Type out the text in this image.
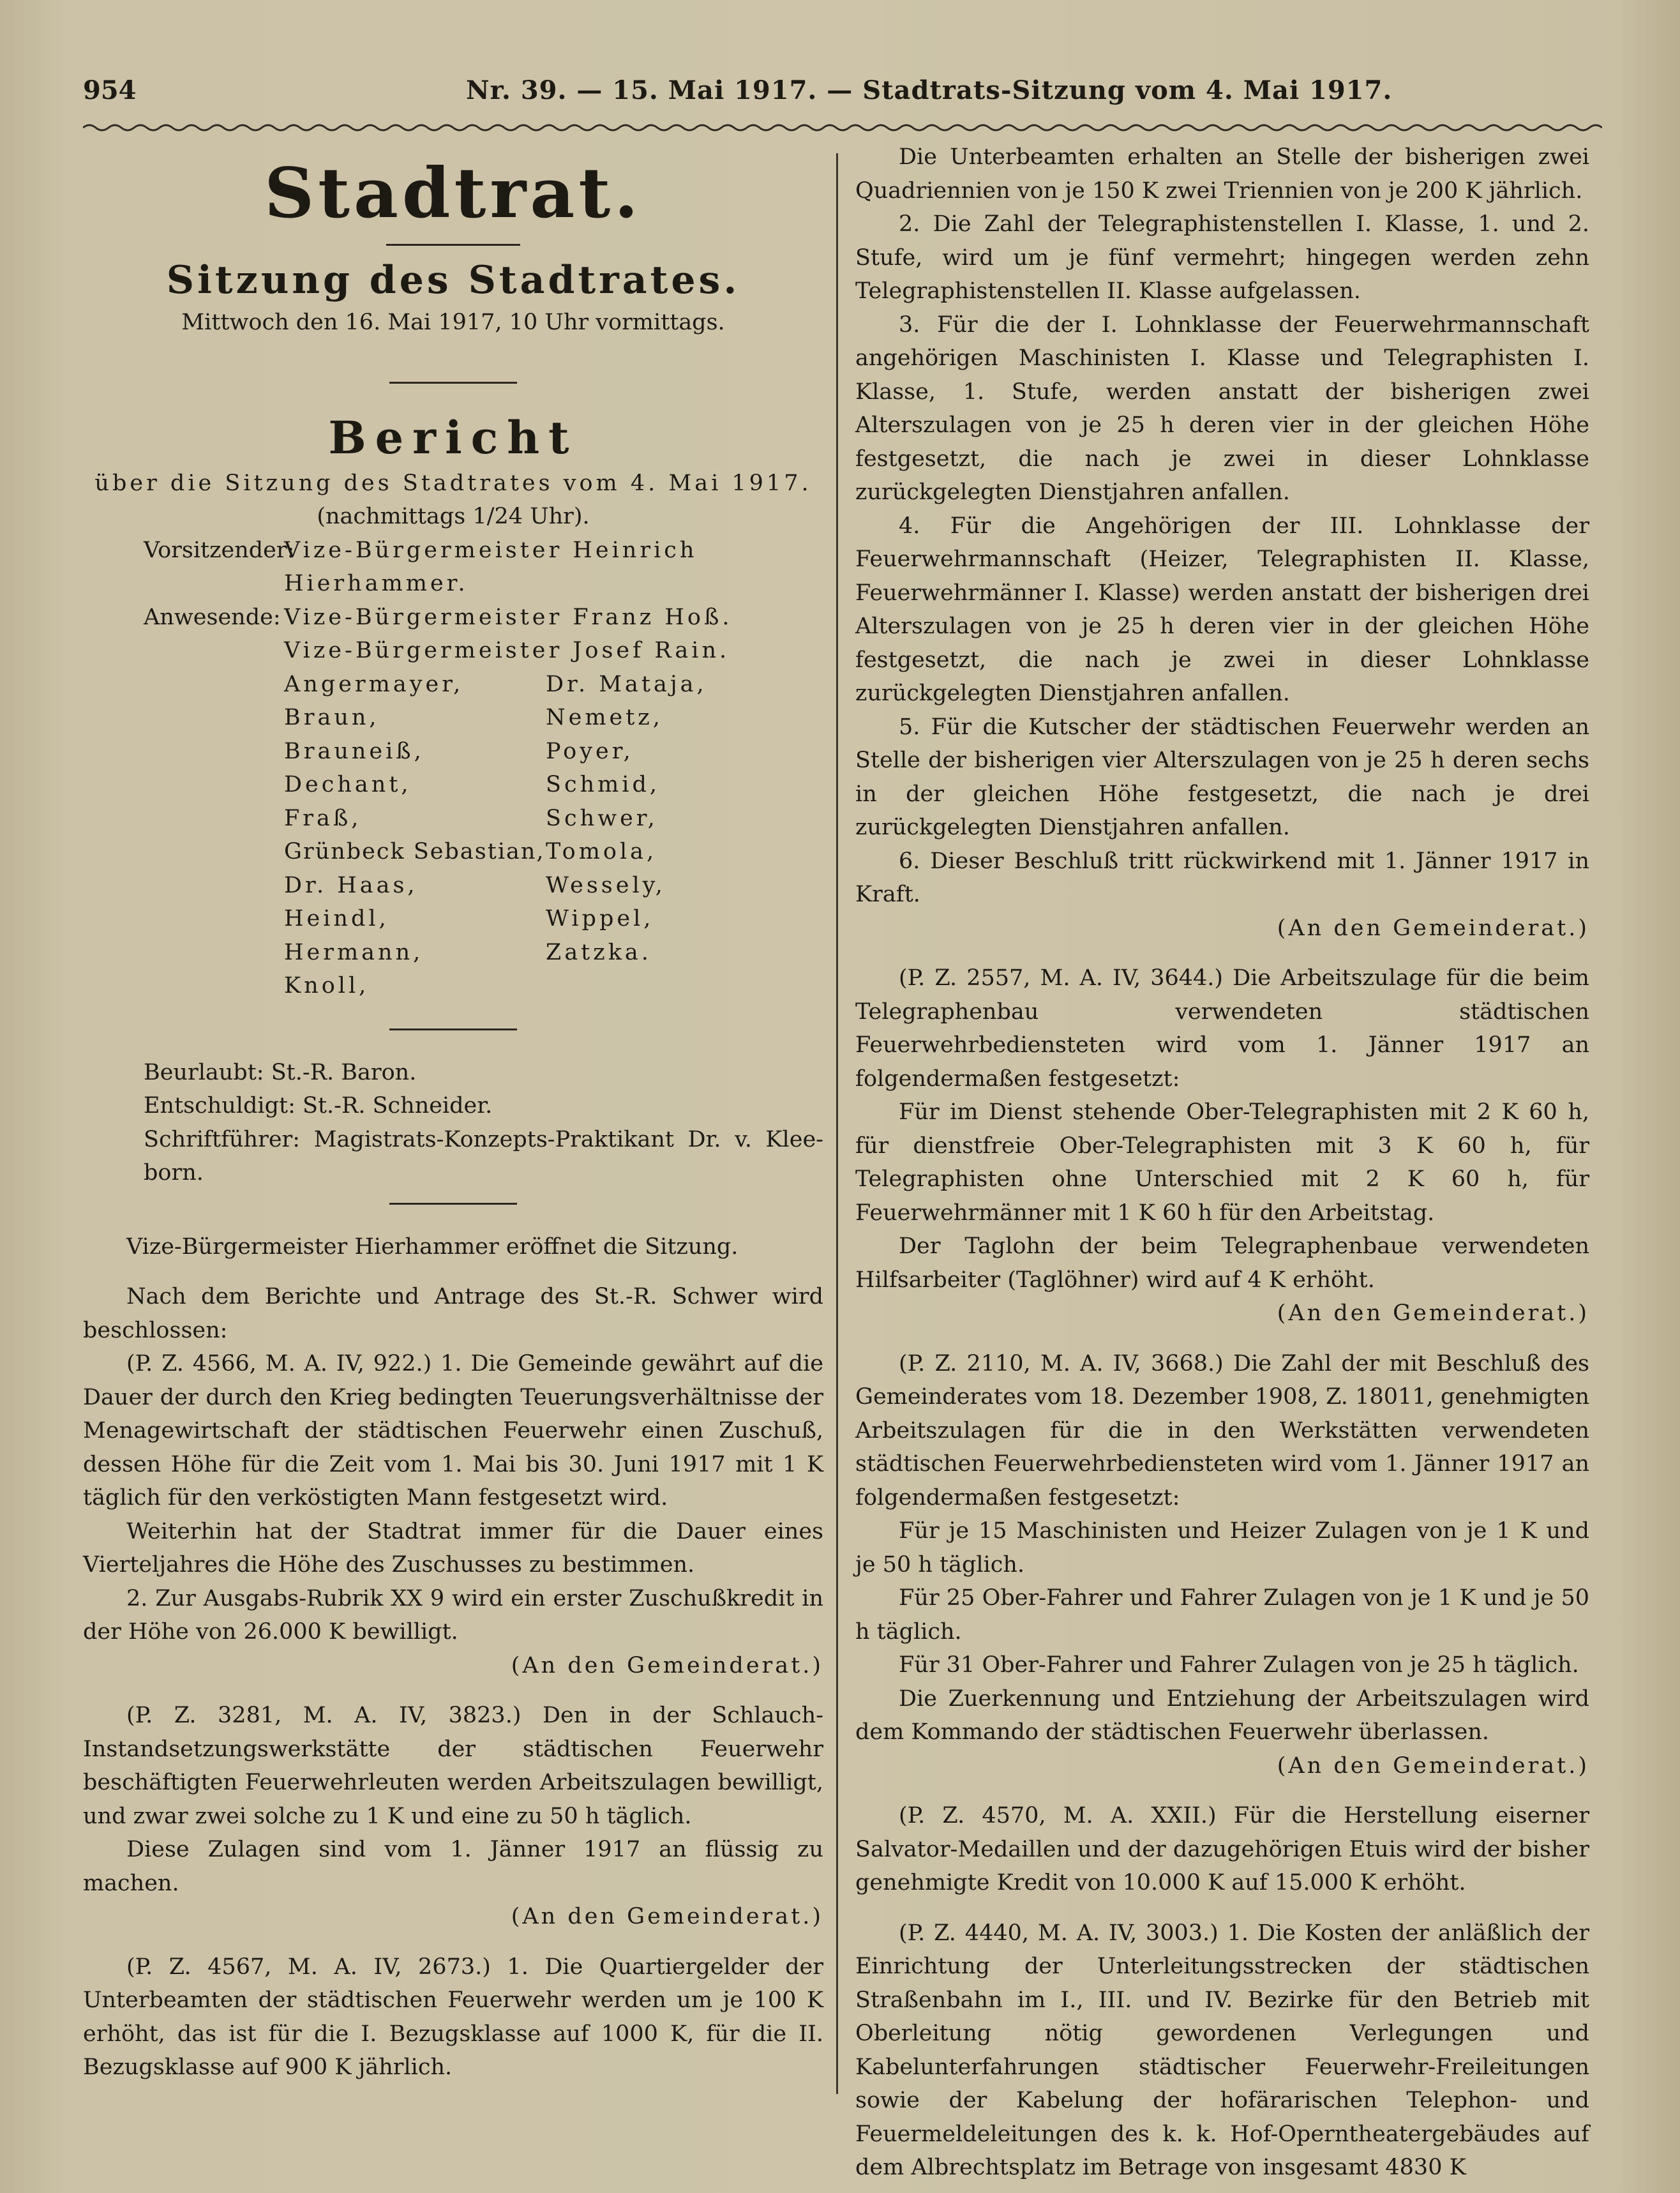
954	Nr. 39. — 15. Mai 1917. — Stadtrats-Sitzung vom 4. Mai 1917.
Stadtrat.
Sitzung des Stadtrates.

Mittwoch den 16. Mai 1917, 10 Uhr vormittags.

Bericht

über die Sitzung des Stadtrates vom 4. Mai 1917.

(nachmittags 1/24 Uhr).

Vorsitzender:
Vize-Bürgermeister Heinrich Hierhammer.
Anwesende: Vize-Bürgermeister Franz Hoß.
Vize-Bürgermeister Josef Rain.
Angermayer,	Dr. Mataja,
Braun,	Nemetz,
Brauneiß,	Poyer,
Dechant,	Schmid,
Fraß,	Schwer,
Grünbeck Sebastian, Tomola,
Dr. Haas,	Wessely,
Heindl,	Wippel,
Hermann,	Zatzka.
Knoll,

Beurlaubt: St.-R. Baron.

Entschuldigt: St.-R. Schneider.

Schriftführer: Magistrats-Konzepts-Praktikant Dr. v. Klee-born.

Vize-Bürgermeister Hierhammer eröffnet die Sitzung.

Nach dem Berichte und Antrage des St.-R. Schwer wird beschlossen:

(P. Z. 4566, M. A. IV, 922.) 1. Die Gemeinde gewährt auf die Dauer der durch den Krieg bedingten Teuerungsverhältnisse der Menagewirtschaft der städtischen Feuerwehr einen Zuschuß, dessen Höhe für die Zeit vom 1. Mai bis 30. Juni 1917 mit 1 K täglich für den verköstigten Mann festgesetzt wird.

Weiterhin hat der Stadtrat immer für die Dauer eines Vierteljahres die Höhe des Zuschusses zu bestimmen.

2. Zur Ausgabs-Rubrik XX 9 wird ein erster Zuschußkredit in der Höhe von 26.000 K bewilligt.

(An den Gemeinderat.)

(P. Z. 3281, M. A. IV, 3823.) Den in der Schlauch-Instandsetzungswerkstätte der städtischen Feuerwehr beschäftigten Feuerwehrleuten werden Arbeitszulagen bewilligt, und zwar zwei solche zu 1 K und eine zu 50 h täglich.

Diese Zulagen sind vom 1. Jänner 1917 an flüssig zu machen.

(An den Gemeinderat.)

(P. Z. 4567, M. A. IV, 2673.) 1. Die Quartiergelder der Unterbeamten der städtischen Feuerwehr werden um je 100 K erhöht, das ist für die I. Bezugsklasse auf 1000 K, für die II. Bezugsklasse auf 900 K jährlich.

Die Unterbeamten erhalten an Stelle der bisherigen zwei Quadriennien von je 150 K zwei Triennien von je 200 K jährlich.

2. Die Zahl der Telegraphistenstellen I. Klasse, 1. und 2. Stufe, wird um je fünf vermehrt; hingegen werden zehn Telegraphistenstellen II. Klasse aufgelassen.

3. Für die der I. Lohnklasse der Feuerwehrmannschaft angehörigen Maschinisten I. Klasse und Telegraphisten I. Klasse, 1. Stufe, werden anstatt der bisherigen zwei Alterszulagen von je 25 h deren vier in der gleichen Höhe festgesetzt, die nach je zwei in dieser Lohnklasse zurückgelegten Dienstjahren anfallen.

4. Für die Angehörigen der III. Lohnklasse der Feuerwehrmannschaft (Heizer, Telegraphisten II. Klasse, Feuerwehrmänner I. Klasse) werden anstatt der bisherigen drei Alterszulagen von je 25 h deren vier in der gleichen Höhe festgesetzt, die nach je zwei in dieser Lohnklasse zurückgelegten Dienstjahren anfallen.

5. Für die Kutscher der städtischen Feuerwehr werden an Stelle der bisherigen vier Alterszulagen von je 25 h deren sechs in der gleichen Höhe festgesetzt, die nach je drei zurückgelegten Dienstjahren anfallen.

6. Dieser Beschluß tritt rückwirkend mit 1. Jänner 1917 in Kraft.

(An den Gemeinderat.)

(P. Z. 2557, M. A. IV, 3644.) Die Arbeitszulage für die beim Telegraphenbau verwendeten städtischen Feuerwehrbediensteten wird vom 1. Jänner 1917 an folgendermaßen festgesetzt:

Für im Dienst stehende Ober-Telegraphisten mit 2 K 60 h, für dienstfreie Ober-Telegraphisten mit 3 K 60 h, für Telegraphisten ohne Unterschied mit 2 K 60 h, für Feuerwehrmänner mit 1 K 60 h für den Arbeitstag.

Der Taglohn der beim Telegraphenbaue verwendeten Hilfsarbeiter (Taglöhner) wird auf 4 K erhöht.

(An den Gemeinderat.)

(P. Z. 2110, M. A. IV, 3668.) Die Zahl der mit Beschluß des Gemeinderates vom 18. Dezember 1908, Z. 18011, genehmigten Arbeitszulagen für die in den Werkstätten verwendeten städtischen Feuerwehrbediensteten wird vom 1. Jänner 1917 an folgendermaßen festgesetzt:

Für je 15 Maschinisten und Heizer Zulagen von je 1 K und je 50 h täglich.

Für 25 Ober-Fahrer und Fahrer Zulagen von je 1 K und je 50 h täglich.

Für 31 Ober-Fahrer und Fahrer Zulagen von je 25 h täglich.

Die Zuerkennung und Entziehung der Arbeitszulagen wird dem Kommando der städtischen Feuerwehr überlassen.

(An den Gemeinderat.)

(P. Z. 4570, M. A. XXII.) Für die Herstellung eiserner Salvator-Medaillen und der dazugehörigen Etuis wird der bisher genehmigte Kredit von 10.000 K auf 15.000 K erhöht.

(P. Z. 4440, M. A. IV, 3003.) 1. Die Kosten der anläßlich der Einrichtung der Unterleitungsstrecken der städtischen Straßenbahn im I., III. und IV. Bezirke für den Betrieb mit Oberleitung nötig gewordenen Verlegungen und Kabelunterfahrungen städtischer Feuerwehr-Freileitungen sowie der Kabelung der hofärarischen Telephon- und Feuermeldeleitungen des k. k. Hof-Operntheatergebäudes auf dem Albrechtsplatz im Betrage von insgesamt 4830 K
